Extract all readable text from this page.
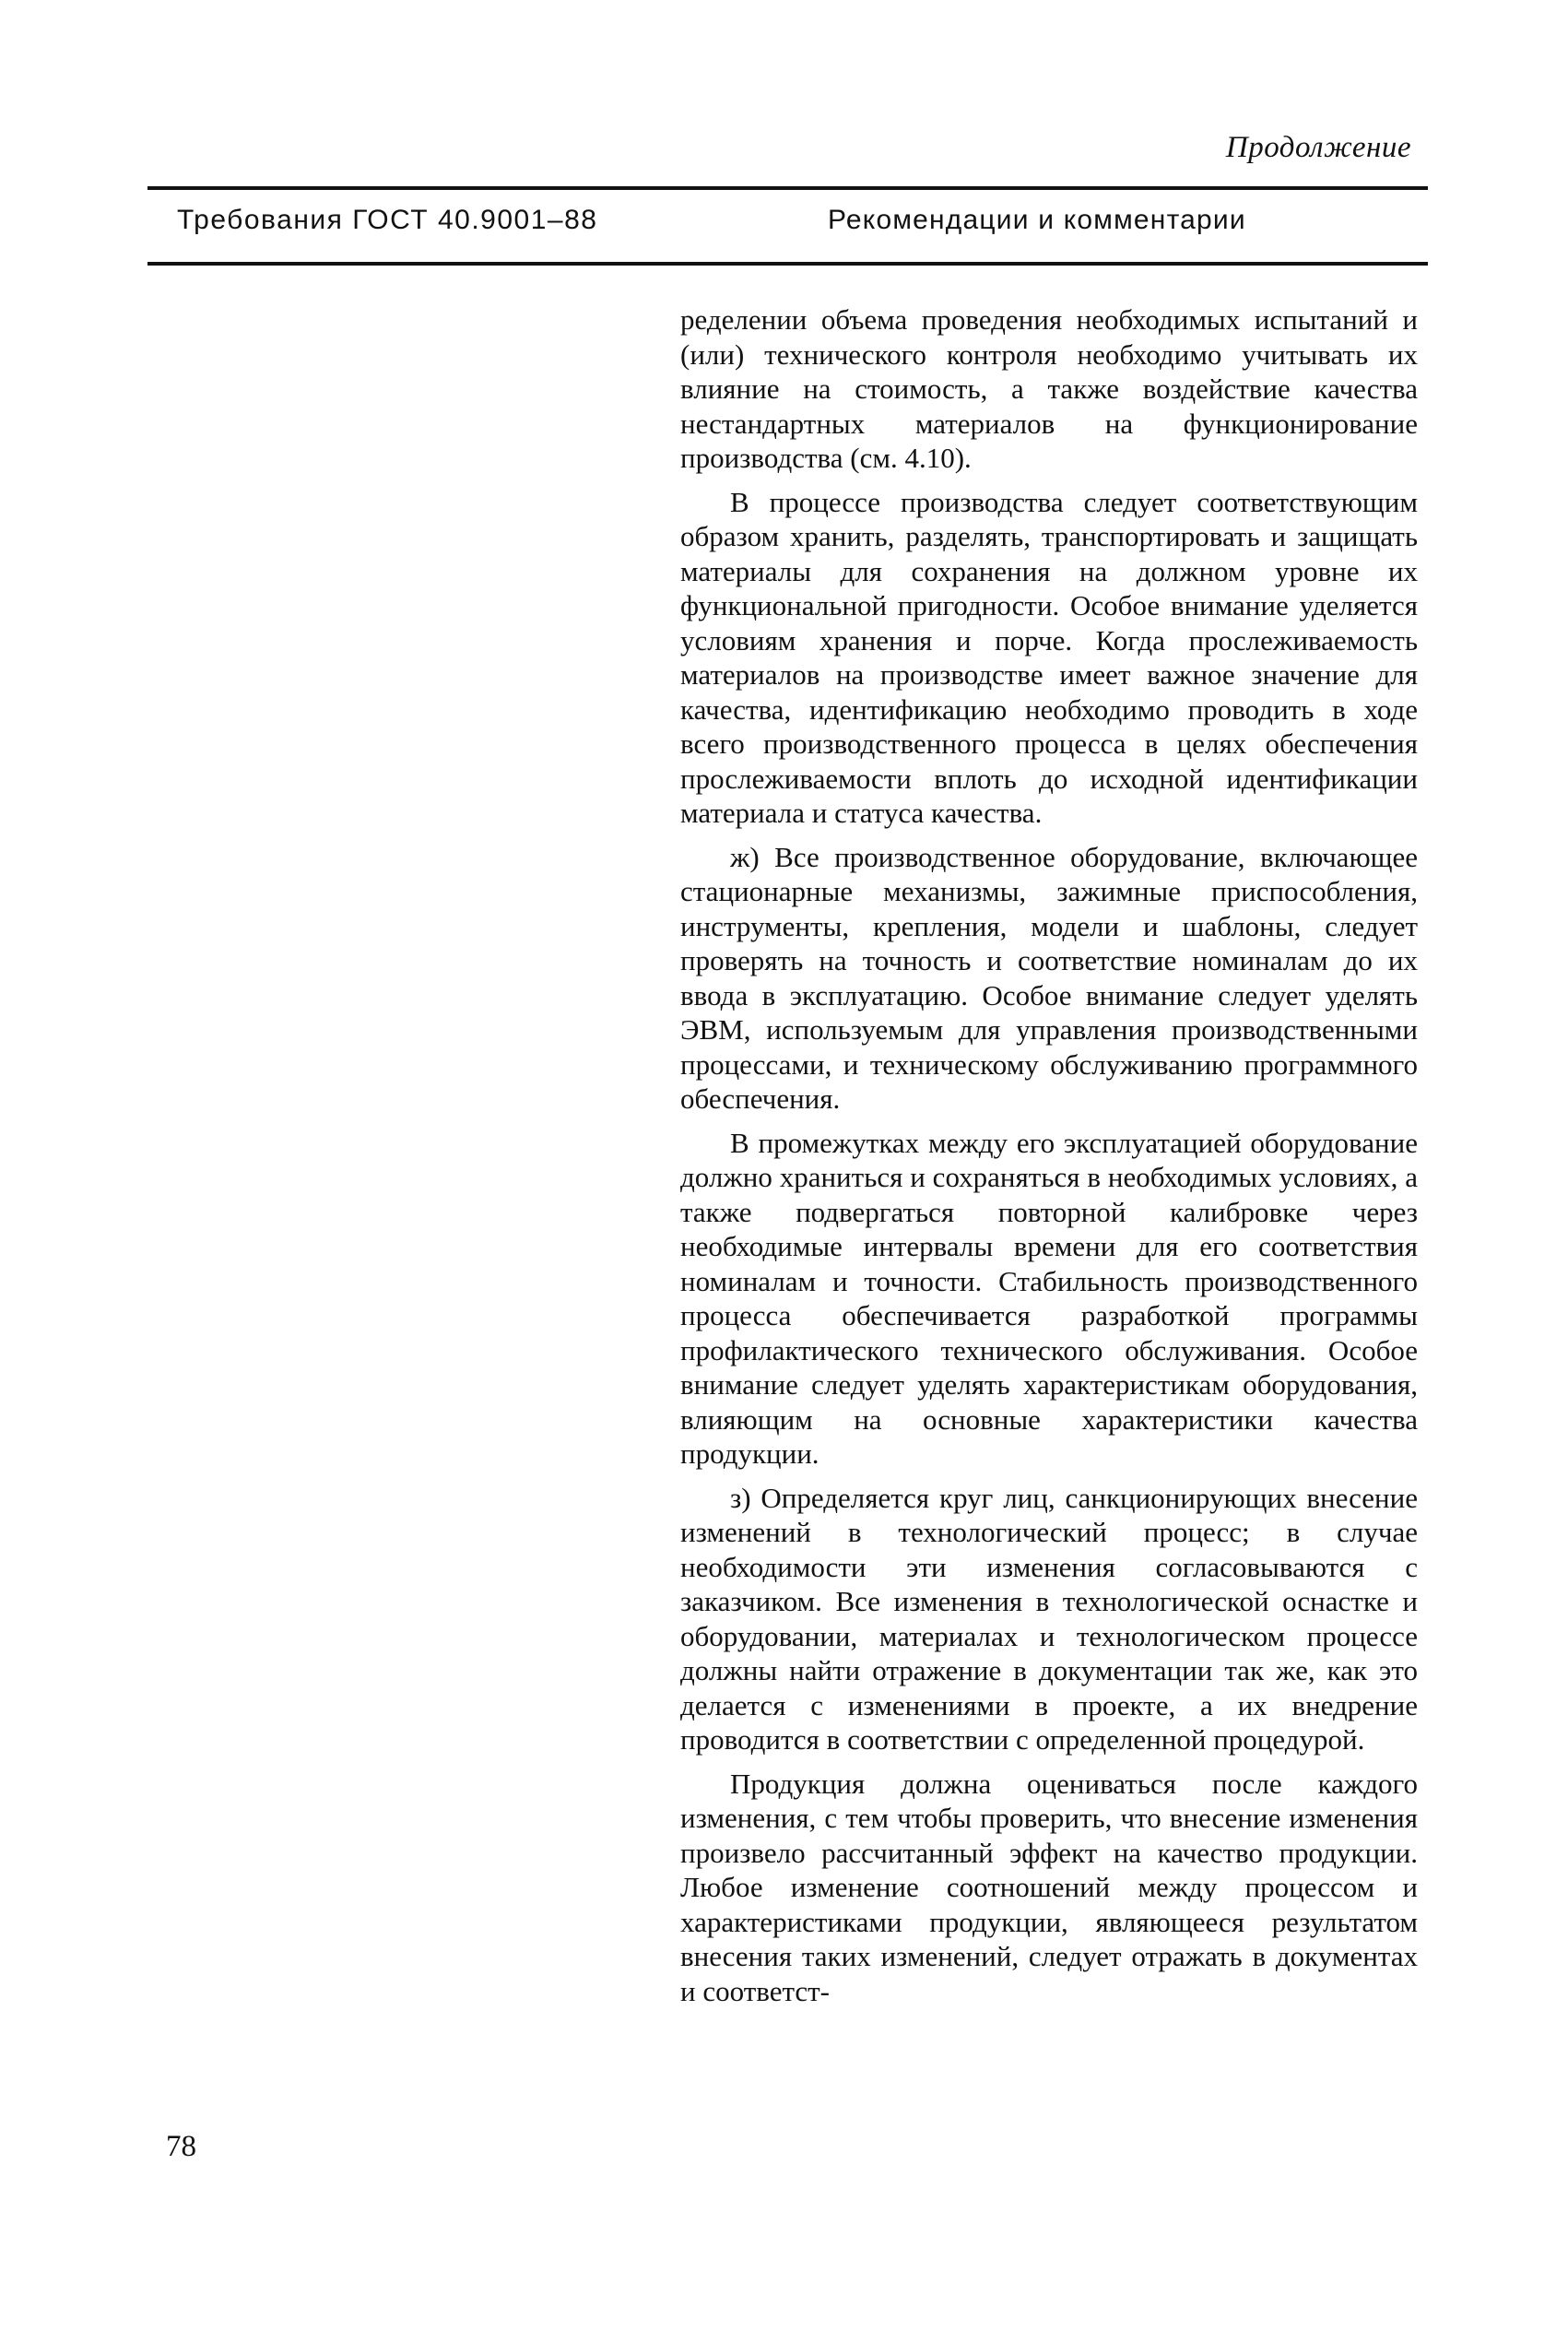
Продолжение
Требования ГОСТ 40.9001–88	Рекомендации и комментарии

ределении объема проведения необходимых испытаний и (или) технического контроля необходимо учитывать их влияние на стоимость, а также воздействие качества нестандартных материалов на функционирование производства (см. 4.10).

В процессе производства следует соответствующим образом хранить, разделять, транспортировать и защищать материалы для сохранения на должном уровне их функциональной пригодности. Особое внимание уделяется условиям хранения и порче. Когда прослеживаемость материалов на производстве имеет важное значение для качества, идентификацию необходимо проводить в ходе всего производственного процесса в целях обеспечения прослеживаемости вплоть до исходной идентификации материала и статуса качества.

ж) Все производственное оборудование, включающее стационарные механизмы, зажимные приспособления, инструменты, крепления, модели и шаблоны, следует проверять на точность и соответствие номиналам до их ввода в эксплуатацию. Особое внимание следует уделять ЭВМ, используемым для управления производственными процессами, и техническому обслуживанию программного обеспечения.

В промежутках между его эксплуатацией оборудование должно храниться и сохраняться в необходимых условиях, а также подвергаться повторной калибровке через необходимые интервалы времени для его соответствия номиналам и точности. Стабильность производственного процесса обеспечивается разработкой программы профилактического технического обслуживания. Особое внимание следует уделять характеристикам оборудования, влияющим на основные характеристики качества продукции.

з) Определяется круг лиц, санкционирующих внесение изменений в технологический процесс; в случае необходимости эти изменения согласовываются с заказчиком. Все изменения в технологической оснастке и оборудовании, материалах и технологическом процессе должны найти отражение в документации так же, как это делается с изменениями в проекте, а их внедрение проводится в соответствии с определенной процедурой.

Продукция должна оцениваться после каждого изменения, с тем чтобы проверить, что внесение изменения произвело рассчитанный эффект на качество продукции. Любое изменение соотношений между процессом и характеристиками продукции, являющееся результатом внесения таких изменений, следует отражать в документах и соответст-

78
